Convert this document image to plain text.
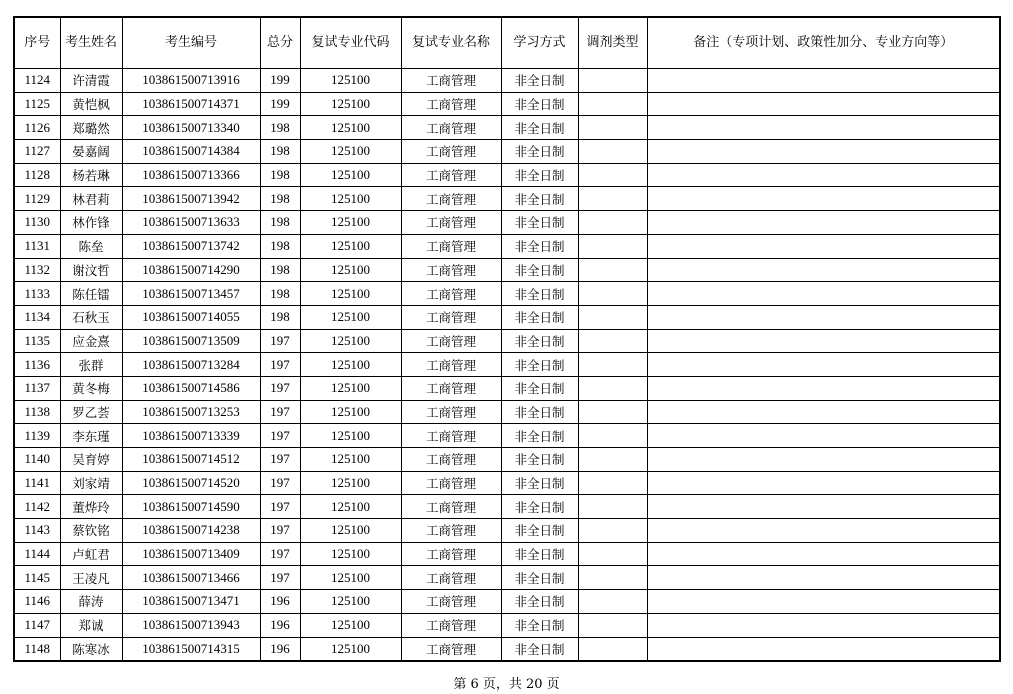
序号	考生姓名	考生编号	总分	复试专业代码	复试专业名称	学习方式	调剂类型	备注（专项计划、政策性加分、专业方向等）
1124	许清霞	103861500713916	199	125100	工商管理	非全日制		
1125	黄恺枫	103861500714371	199	125100	工商管理	非全日制		
1126	郑璐然	103861500713340	198	125100	工商管理	非全日制		
1127	晏嘉阔	103861500714384	198	125100	工商管理	非全日制		
1128	杨若琳	103861500713366	198	125100	工商管理	非全日制		
1129	林君莉	103861500713942	198	125100	工商管理	非全日制		
1130	林作锋	103861500713633	198	125100	工商管理	非全日制		
1131	陈垒	103861500713742	198	125100	工商管理	非全日制		
1132	谢汶哲	103861500714290	198	125100	工商管理	非全日制		
1133	陈任镭	103861500713457	198	125100	工商管理	非全日制		
1134	石秋玉	103861500714055	198	125100	工商管理	非全日制		
1135	应金熹	103861500713509	197	125100	工商管理	非全日制		
1136	张群	103861500713284	197	125100	工商管理	非全日制		
1137	黄冬梅	103861500714586	197	125100	工商管理	非全日制		
1138	罗乙荟	103861500713253	197	125100	工商管理	非全日制		
1139	李东瑾	103861500713339	197	125100	工商管理	非全日制		
1140	吴育婷	103861500714512	197	125100	工商管理	非全日制		
1141	刘家靖	103861500714520	197	125100	工商管理	非全日制		
1142	董烨玲	103861500714590	197	125100	工商管理	非全日制		
1143	蔡钦铭	103861500714238	197	125100	工商管理	非全日制		
1144	卢虹君	103861500713409	197	125100	工商管理	非全日制		
1145	王凌凡	103861500713466	197	125100	工商管理	非全日制		
1146	薛涛	103861500713471	196	125100	工商管理	非全日制		
1147	郑诚	103861500713943	196	125100	工商管理	非全日制		
1148	陈寒冰	103861500714315	196	125100	工商管理	非全日制		
第 6 页，共 20 页
